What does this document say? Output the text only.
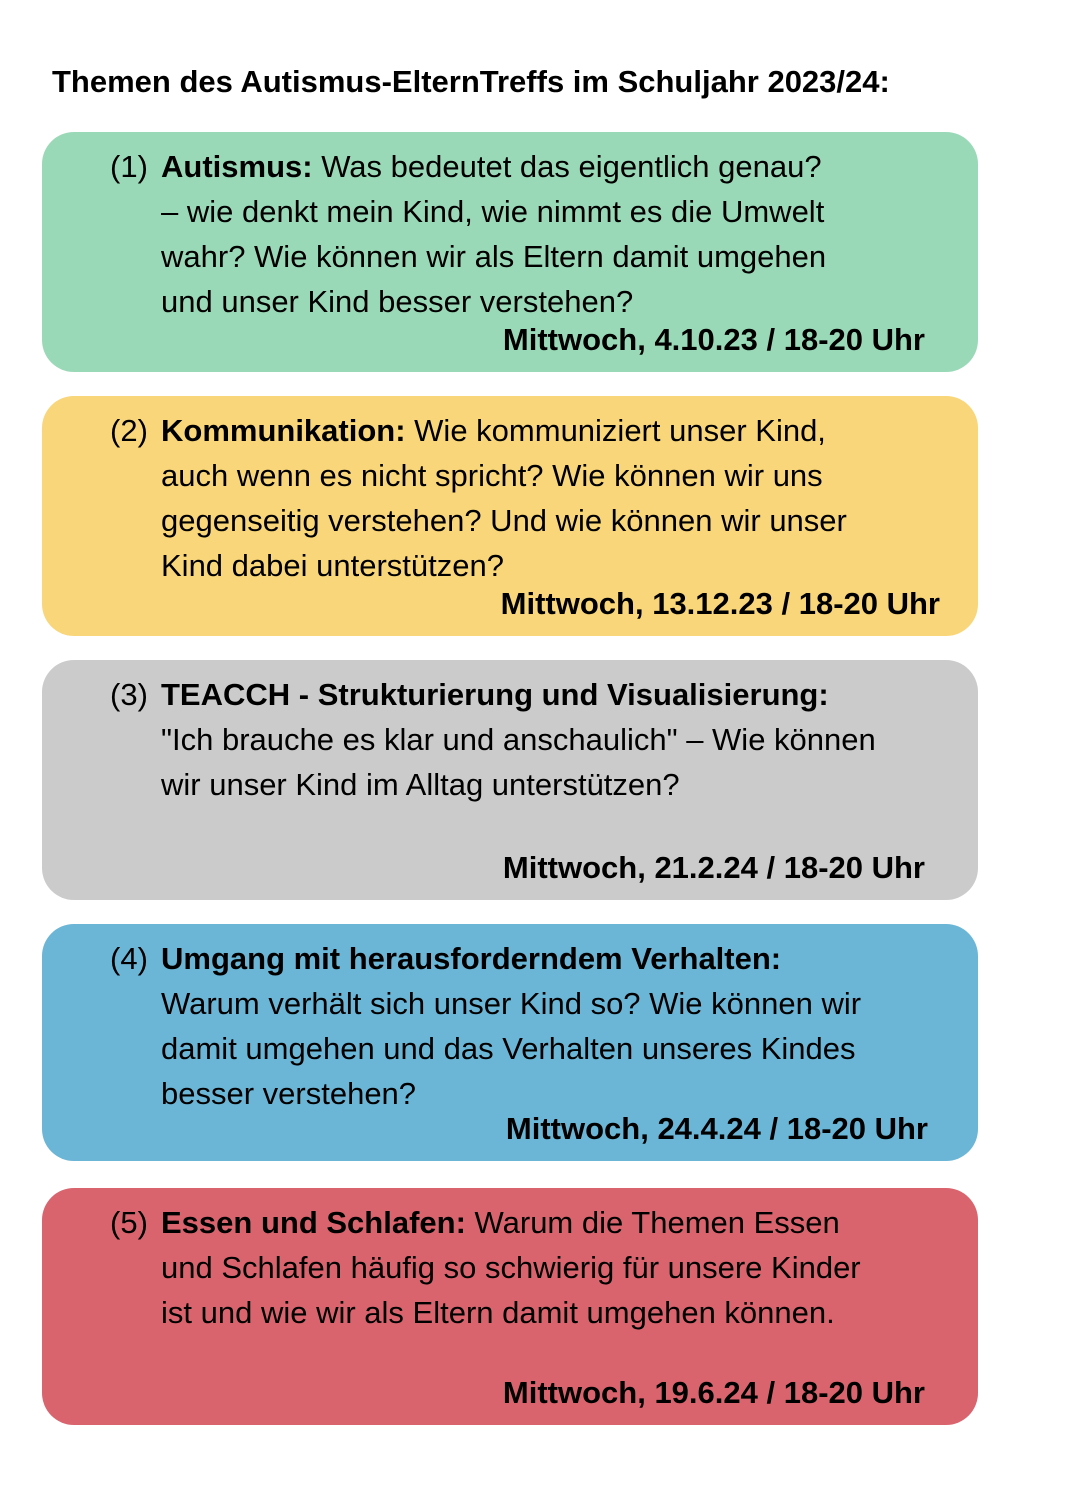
Themen des Autismus-ElternTreffs im Schuljahr 2023/24:
(1) Autismus: Was bedeutet das eigentlich genau?
– wie denkt mein Kind, wie nimmt es die Umwelt
wahr? Wie können wir als Eltern damit umgehen
und unser Kind besser verstehen?
Mittwoch, 4.10.23 / 18-20 Uhr
(2) Kommunikation: Wie kommuniziert unser Kind,
auch wenn es nicht spricht? Wie können wir uns
gegenseitig verstehen? Und wie können wir unser
Kind dabei unterstützen?
Mittwoch, 13.12.23 / 18-20 Uhr
(3) TEACCH - Strukturierung und Visualisierung:
"Ich brauche es klar und anschaulich" – Wie können
wir unser Kind im Alltag unterstützen?
Mittwoch, 21.2.24 / 18-20 Uhr
(4) Umgang mit herausforderndem Verhalten:
Warum verhält sich unser Kind so? Wie können wir
damit umgehen und das Verhalten unseres Kindes
besser verstehen?
Mittwoch, 24.4.24 / 18-20 Uhr
(5) Essen und Schlafen: Warum die Themen Essen
und Schlafen häufig so schwierig für unsere Kinder
ist und wie wir als Eltern damit umgehen können.
Mittwoch, 19.6.24 / 18-20 Uhr
